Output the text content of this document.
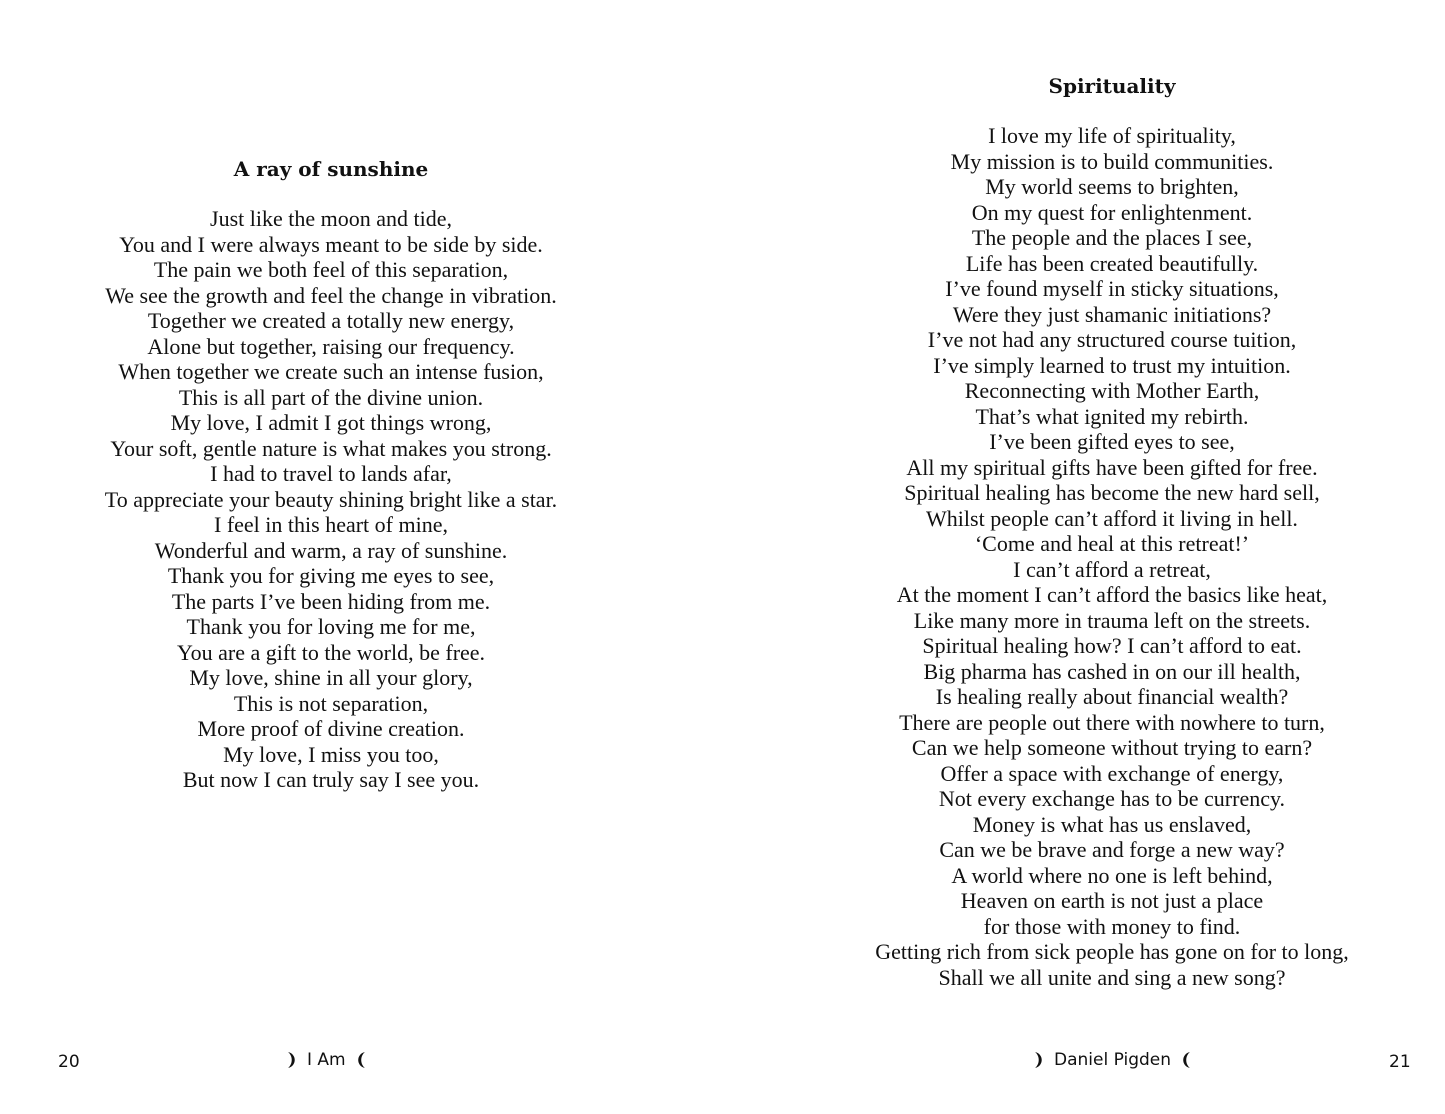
A ray of sunshine
Just like the moon and tide,
You and I were always meant to be side by side.
The pain we both feel of this separation,
We see the growth and feel the change in vibration.
Together we created a totally new energy,
Alone but together, raising our frequency.
When together we create such an intense fusion,
This is all part of the divine union.
My love, I admit I got things wrong,
Your soft, gentle nature is what makes you strong.
I had to travel to lands afar,
To appreciate your beauty shining bright like a star.
I feel in this heart of mine,
Wonderful and warm, a ray of sunshine.
Thank you for giving me eyes to see,
The parts I’ve been hiding from me.
Thank you for loving me for me,
You are a gift to the world, be free.
My love, shine in all your glory,
This is not separation,
More proof of divine creation.
My love, I miss you too,
But now I can truly say I see you.
20	I Am
Spirituality
I love my life of spirituality,
My mission is to build communities.
My world seems to brighten,
On my quest for enlightenment.
The people and the places I see,
Life has been created beautifully.
I’ve found myself in sticky situations,
Were they just shamanic initiations?
I’ve not had any structured course tuition,
I’ve simply learned to trust my intuition.
Reconnecting with Mother Earth,
That’s what ignited my rebirth.
I’ve been gifted eyes to see,
All my spiritual gifts have been gifted for free.
Spiritual healing has become the new hard sell,
Whilst people can’t afford it living in hell.
‘Come and heal at this retreat!’
I can’t afford a retreat,
At the moment I can’t afford the basics like heat,
Like many more in trauma left on the streets.
Spiritual healing how? I can’t afford to eat.
Big pharma has cashed in on our ill health,
Is healing really about financial wealth?
There are people out there with nowhere to turn,
Can we help someone without trying to earn?
Offer a space with exchange of energy,
Not every exchange has to be currency.
Money is what has us enslaved,
Can we be brave and forge a new way?
A world where no one is left behind,
Heaven on earth is not just a place
for those with money to find.
Getting rich from sick people has gone on for to long,
Shall we all unite and sing a new song?
Daniel Pigden	21
